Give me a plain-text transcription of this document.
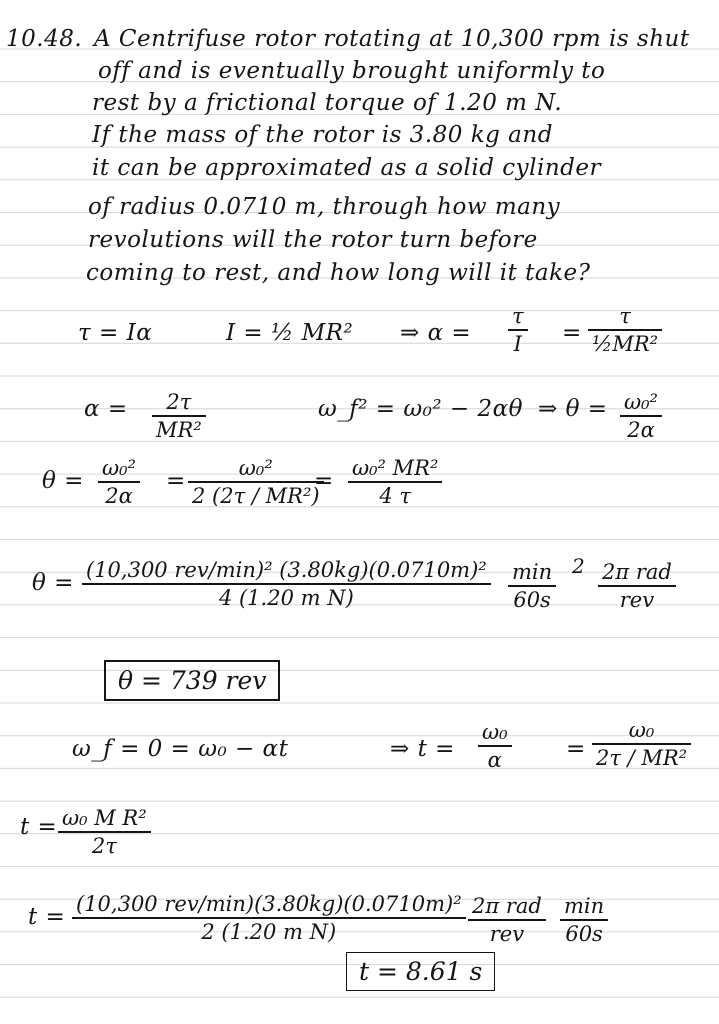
10.48. A Centrifuse rotor rotating at 10,300 rpm is shut
off and is eventually brought uniformly to
rest by a frictional torque of 1.20 m N.
If the mass of the rotor is 3.80 kg and
it can be approximated as a solid cylinder
of radius 0.0710 m, through how many
revolutions will the rotor turn before
coming to rest, and how long will it take?
τ = Iα	I = ½ MR² ⇒ $\alpha = \frac{\tau}{I} = \frac{\tau}{\text{½MR²}}$
$\alpha = \frac{2\tau}{\text{MR²}}$	ω_f² = ω₀² − 2αθ ⇒ $\theta = \frac{\text{ω₀²}}{2\alpha}$
$\theta = \frac{\text{ω₀²}}{2\alpha} = \frac{\text{ω₀²}}{\text{2 (2τ / MR²)}}$
= $\frac{\text{ω₀² MR²}}{4 \tau}$
θ = (10,300 rev/min)² (3.80kg)(0.0710m)²
4 (1.20 m N)
min
60s
2 2π rad
rev
θ = 739 rev
ω_f = 0 = ω₀ − αt	⇒ $t = \frac{\text{ω₀}}{\alpha} = \frac{\text{ω₀}}{\text{2τ / MR²}}$
$t = \frac{\text{ω₀ M R²}}{2\tau}$
t = (10,300 rev/min)(3.80kg)(0.0710m)²
2 (1.20 m N)
2π rad
rev
min
60s
t = 8.61 s
